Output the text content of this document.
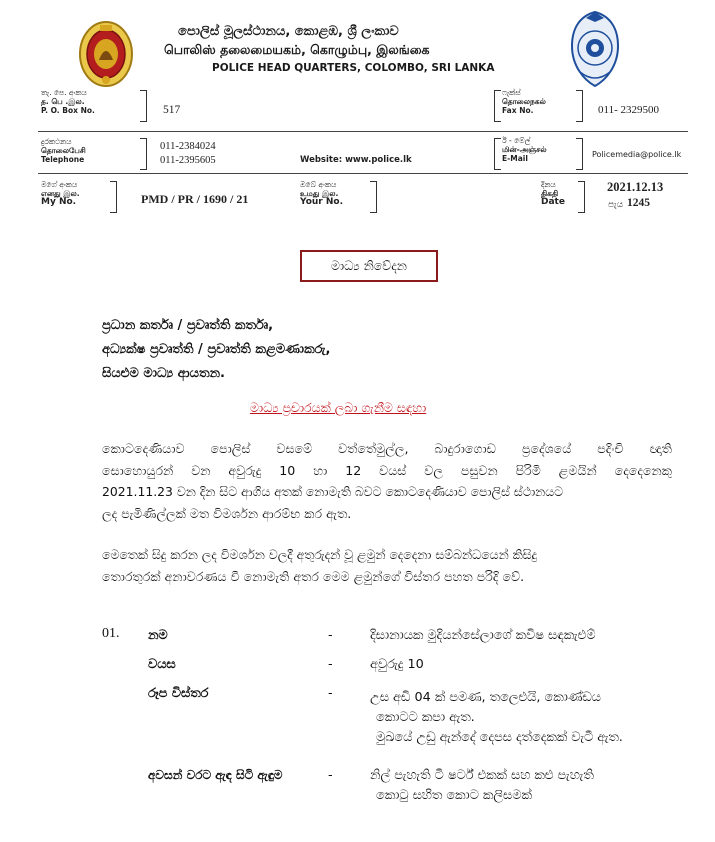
පොලිස් මූලස්ථානය, කොළඹ, ශ්‍රී ලංකාව
பொலிஸ் தலைமையகம், கொழும்பு, இலங்கை
POLICE HEAD QUARTERS, COLOMBO, SRI LANKA
තැ. පෙ. අංකය
த. பெ .இல.
P. O. Box No.	517
ෆැක්ස්
தொலைநகல்
Fax No.	011- 2329500
දුරකථනය
தொலைபேசி
Telephone
011-2384024
011-2395605	Website: www.police.lk
ඊ - මේල්
மின்-அஞ்சல்
E-Mail	Policemedia@police.lk
මගේ අංකය
எனது இல.
My No.	PMD / PR / 1690 / 21
ඔබේ අංකය
உமது இல.
Your No.
දිනය
திகதி
Date
2021.12.13
පැය 1245
මාධ්‍ය නිවේදන
ප්‍රධාන කර්තෘ / ප්‍රවෘත්ති කර්තෘ,
අධ්‍යක්ෂ ප්‍රවෘත්ති / ප්‍රවෘත්ති කළමණාකරු,
සියළුම මාධ්‍ය ආයතන.
මාධ්‍ය ප්‍රචාරයක් ලබා ගැනීම සඳහා
කොටදෙණියාව පොලිස් වසමේ වත්තේමුල්ල, බාදුරාගොඩ ප්‍රදේශයේ පදිංචි ඥාති
සොහොයුරන් වන අවුරුදු 10 හා 12 වයස් වල පසුවන පිරිමි ළමයින් දෙදෙනෙකු
2021.11.23 වන දින සිට ආගිය අතක් නොමැති බවට කොටදෙණියාව පොලිස් ස්ථානයට
ලද පැමිණිල්ලක් මත විමර්ශන ආරම්භ කර ඇත.
මෙතෙක් සිදු කරන ලද විමර්ශන වලදී අතුරුදන් වූ ළමුන් දෙදෙනා සම්බන්ධයෙන් කිසිදු
තොරතුරක් අනාවරණය වී නොමැති අතර මෙම ළමුන්ගේ විස්තර පහත පරිදි වේ.
01. නම	-	දිසානායක මුදියන්සේලාගේ කවිෂ සඳකැළුම්
වයස	-	අවුරුදු 10
රූප විස්තර	-	උස අඩි 04 ක් පමණ, තලෙළුයි, කොණ්ඩය
කොටට කපා ඇත.
මුඛයේ උඩු ඇන්දේ දෙපස දත්දෙකක් වැටී ඇත.
අවසන් වරට ඇඳ සිටි ඇඳුම	-	නිල් පැහැති ටී ෂර්ට් එකක් සහ කළු පැහැති
කොටු සහිත කොට කලිසමක්
